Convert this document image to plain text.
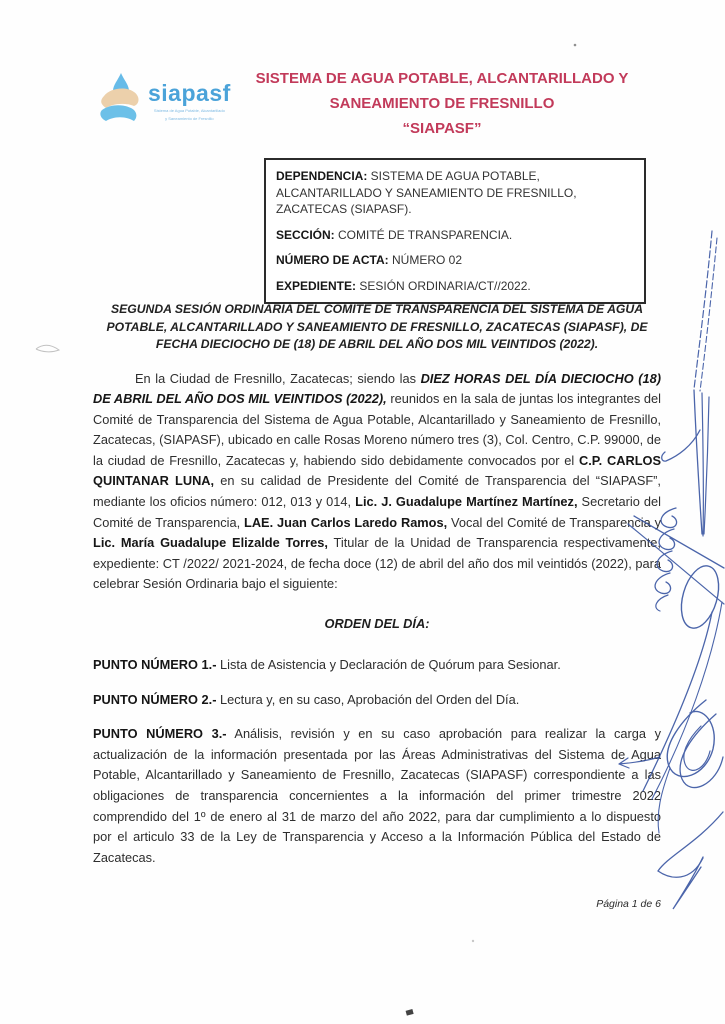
siapasf
Sistema de Agua Potable, Alcantarillado
y Saneamiento de Fresnillo
SISTEMA DE AGUA POTABLE, ALCANTARILLADO Y
SANEAMIENTO DE FRESNILLO
“SIAPASF”
DEPENDENCIA: SISTEMA DE AGUA POTABLE, ALCANTARILLADO Y SANEAMIENTO DE FRESNILLO, ZACATECAS (SIAPASF).
SECCIÓN: COMITÉ DE TRANSPARENCIA.
NÚMERO DE ACTA: NÚMERO 02
EXPEDIENTE: SESIÓN ORDINARIA/CT//2022.

SEGUNDA SESIÓN ORDINARIA DEL COMITÉ DE TRANSPARENCIA DEL SISTEMA DE AGUA POTABLE, ALCANTARILLADO Y SANEAMIENTO DE FRESNILLO, ZACATECAS (SIAPASF), DE FECHA DIECIOCHO DE (18) DE ABRIL DEL AÑO DOS MIL VEINTIDOS (2022).

En la Ciudad de Fresnillo, Zacatecas; siendo las DIEZ HORAS DEL DÍA DIECIOCHO (18) DE ABRIL DEL AÑO DOS MIL VEINTIDOS (2022), reunidos en la sala de juntas los integrantes del Comité de Transparencia del Sistema de Agua Potable, Alcantarillado y Saneamiento de Fresnillo, Zacatecas, (SIAPASF), ubicado en calle Rosas Moreno número tres (3), Col. Centro, C.P. 99000, de la ciudad de Fresnillo, Zacatecas y, habiendo sido debidamente convocados por el C.P. CARLOS QUINTANAR LUNA, en su calidad de Presidente del Comité de Transparencia del “SIAPASF”, mediante los oficios número: 012, 013 y 014, Lic. J. Guadalupe Martínez Martínez, Secretario del Comité de Transparencia, LAE. Juan Carlos Laredo Ramos, Vocal del Comité de Transparencia y Lic. María Guadalupe Elizalde Torres, Titular de la Unidad de Transparencia respectivamente, expediente: CT /2022/ 2021-2024, de fecha doce (12) de abril del año dos mil veintidós (2022), para celebrar Sesión Ordinaria bajo el siguiente:

ORDEN DEL DÍA:

PUNTO NÚMERO 1.- Lista de Asistencia y Declaración de Quórum para Sesionar.

PUNTO NÚMERO 2.- Lectura y, en su caso, Aprobación del Orden del Día.

PUNTO NÚMERO 3.- Análisis, revisión y en su caso aprobación para realizar la carga y actualización de la información presentada por las Áreas Administrativas del Sistema de Agua Potable, Alcantarillado y Saneamiento de Fresnillo, Zacatecas (SIAPASF) correspondiente a las obligaciones de transparencia concernientes a la información del primer trimestre 2022 comprendido del 1º de enero al 31 de marzo del año 2022, para dar cumplimiento a lo dispuesto por el articulo 33 de la Ley de Transparencia y Acceso a la Información Pública del Estado de Zacatecas.

Página 1 de 6
